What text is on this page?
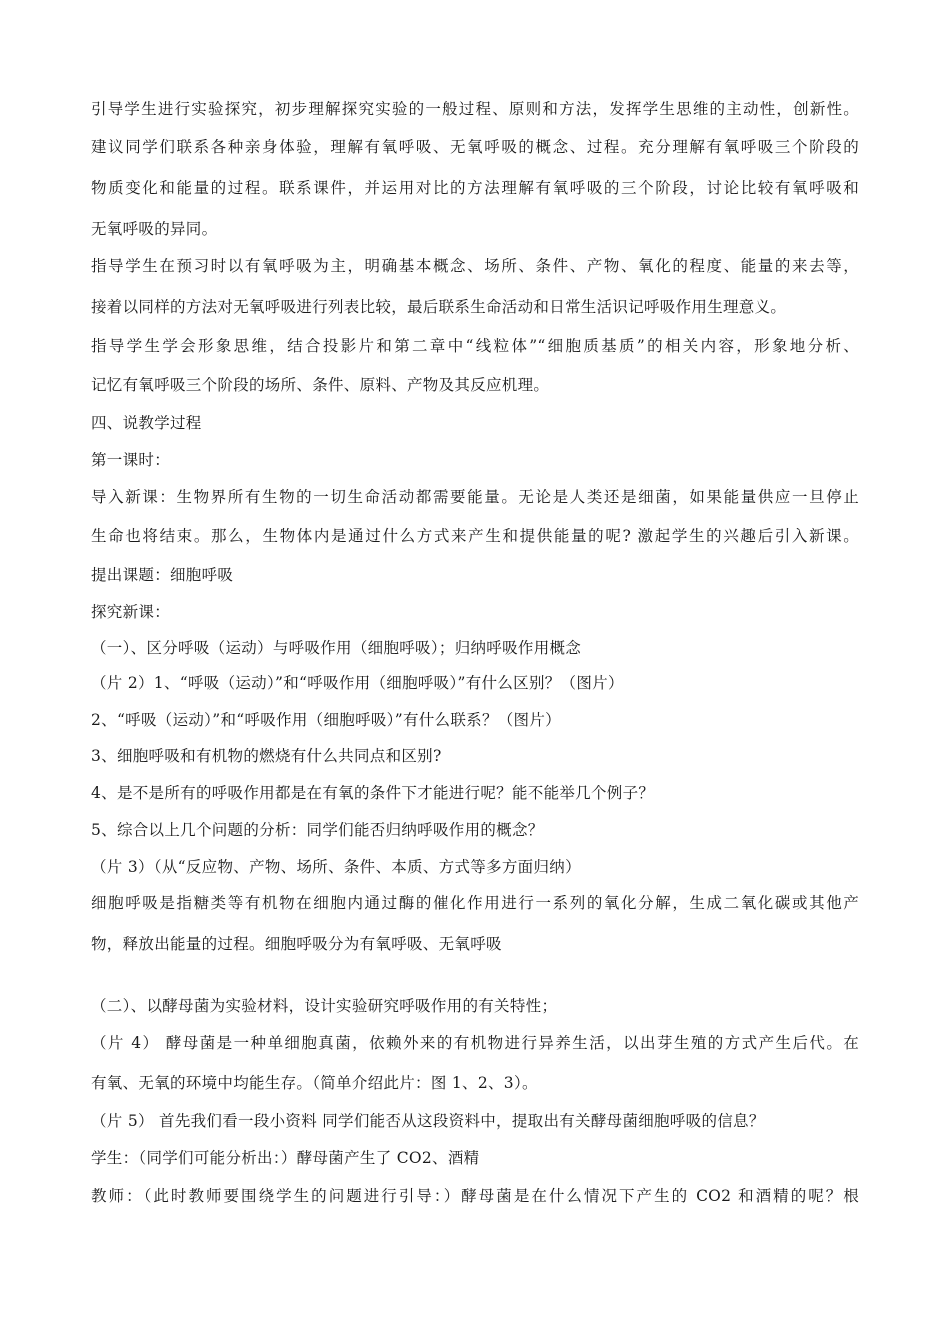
引导学生进行实验探究，初步理解探究实验的一般过程、原则和方法，发挥学生思维的主动性，创新性。
建议同学们联系各种亲身体验，理解有氧呼吸、无氧呼吸的概念、过程。充分理解有氧呼吸三个阶段的
物质变化和能量的过程。联系课件，并运用对比的方法理解有氧呼吸的三个阶段，讨论比较有氧呼吸和
无氧呼吸的异同。
指导学生在预习时以有氧呼吸为主，明确基本概念、场所、条件、产物、氧化的程度、能量的来去等，
接着以同样的方法对无氧呼吸进行列表比较，最后联系生命活动和日常生活识记呼吸作用生理意义。
指导学生学会形象思维，结合投影片和第二章中“线粒体”“细胞质基质”的相关内容，形象地分析、
记忆有氧呼吸三个阶段的场所、条件、原料、产物及其反应机理。
四、说教学过程
第一课时：
导入新课：生物界所有生物的一切生命活动都需要能量。无论是人类还是细菌，如果能量供应一旦停止
生命也将结束。那么，生物体内是通过什么方式来产生和提供能量的呢? 激起学生的兴趣后引入新课。
提出课题：细胞呼吸
探究新课：
（一）、区分呼吸（运动）与呼吸作用（细胞呼吸）；归纳呼吸作用概念
（片 2）1、“呼吸（运动）”和“呼吸作用（细胞呼吸）”有什么区别？（图片）
2、“呼吸（运动）”和“呼吸作用（细胞呼吸）”有什么联系？（图片）
3、细胞呼吸和有机物的燃烧有什么共同点和区别?
4、是不是所有的呼吸作用都是在有氧的条件下才能进行呢？能不能举几个例子？
5、综合以上几个问题的分析：同学们能否归纳呼吸作用的概念？
（片 3）（从“反应物、产物、场所、条件、本质、方式等多方面归纳）
细胞呼吸是指糖类等有机物在细胞内通过酶的催化作用进行一系列的氧化分解，生成二氧化碳或其他产
物，释放出能量的过程。细胞呼吸分为有氧呼吸、无氧呼吸
（二）、以酵母菌为实验材料，设计实验研究呼吸作用的有关特性；
（片 4） 酵母菌是一种单细胞真菌，依赖外来的有机物进行异养生活，以出芽生殖的方式产生后代。在
有氧、无氧的环境中均能生存。（简单介绍此片：图 1、2、3）。
（片 5） 首先我们看一段小资料 同学们能否从这段资料中，提取出有关酵母菌细胞呼吸的信息？
学生：（同学们可能分析出：）酵母菌产生了 CO2、酒精
教师：（此时教师要围绕学生的问题进行引导：）酵母菌是在什么情况下产生的 CO2 和酒精的呢？根
